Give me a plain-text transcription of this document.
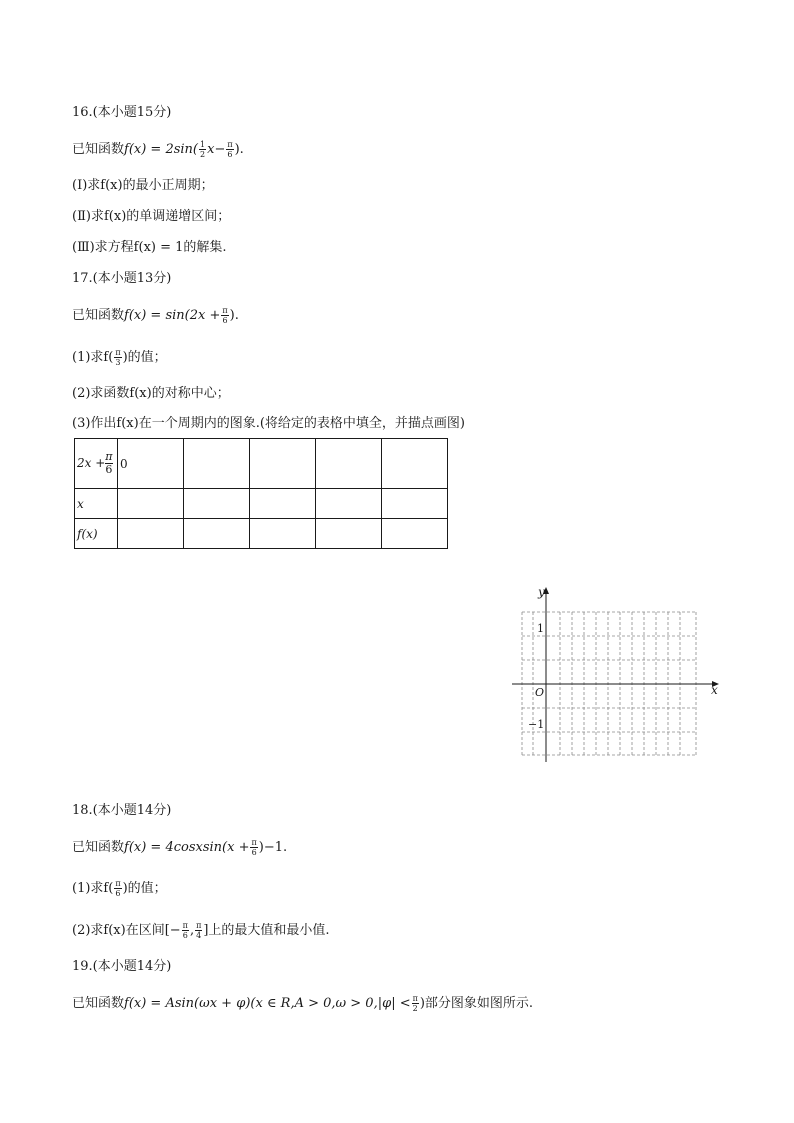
16.(本小题15分)
已知函数$f(x) = 2\sin( \frac{1}{2} x- \frac{\pi}{6}$ ).
(Ⅰ)求f(x)的最小正周期；
(Ⅱ)求f(x)的单调递增区间；
(Ⅲ)求方程f(x) = 1的解集.
17.(本小题13分)
已知函数$f(x) = \sin(2x + \frac{\pi}{6}$ ).
(1)求$f( \frac{\pi}{3}$ )的值；
(2)求函数f(x)的对称中心；
(3)作出f(x)在一个周期内的图象.(将给定的表格中填全，并描点画图)
$2x + \frac{\pi}{6}$	0				
x					
f(x)					
y
x
O
1
−1
18.(本小题14分)
已知函数f(x) = 4cosxsin(x + $\frac{\pi}{6} )-1$.
(1)求$f( \frac{\pi}{6}$ )的值；
(2)求f(x)在区间[− $\frac{\pi}{6}$ , $\frac{\pi}{4}$ ]上的最大值和最小值.
19.(本小题14分)
已知函数f(x) = Asin(ωx + φ)(x ∈ $R,A > 0,\omega > 0,|\varphi| < \frac{\pi}{2}$ )部分图象如图所示.
